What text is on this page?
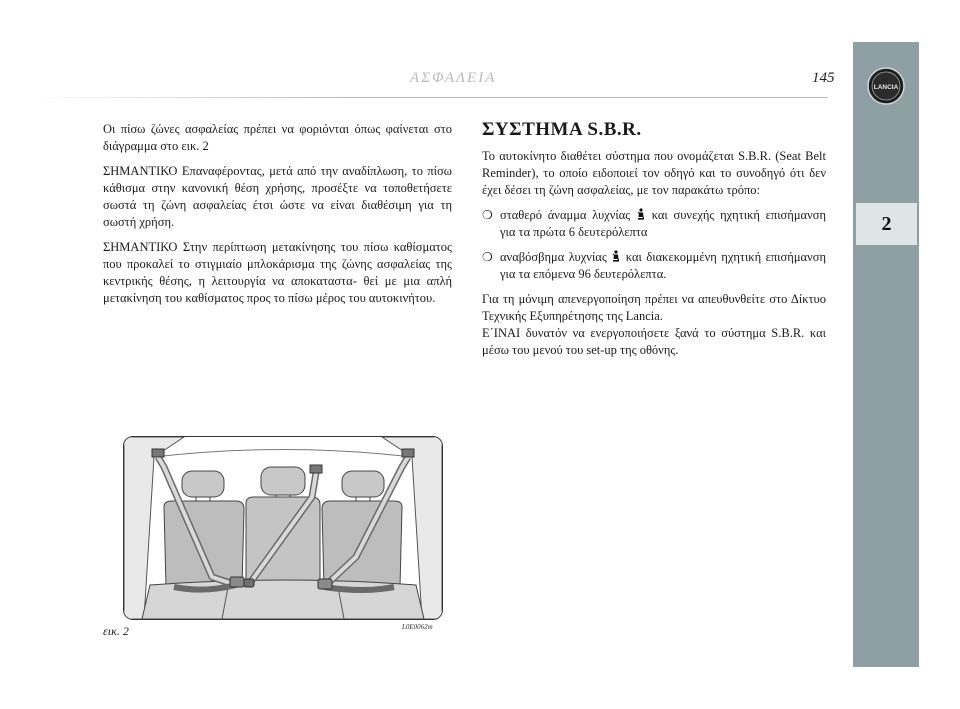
ΑΣΦΑΛΕΙΑ	145
LANCIA
2

Οι πίσω ζώνες ασφαλείας πρέπει να φοριόνται όπως φαίνεται στο διάγραμμα στο εικ. 2

ΣΗΜΑΝΤΙΚΟ Επαναφέροντας, μετά από την αναδίπλωση, το πίσω κάθισμα στην κανονική θέση χρήσης, προσέξτε να τοποθετήσετε σωστά τη ζώνη ασφαλείας έτσι ώστε να είναι διαθέσιμη για τη σωστή χρήση.

ΣΗΜΑΝΤΙΚΟ Στην περίπτωση μετακίνησης του πίσω καθίσματος που προκαλεί το στιγμιαίο μπλοκάρισμα της ζώνης ασφαλείας της κεντρικής θέσης, η λειτουργία να αποκαταστα- θεί με μια απλή μετακίνηση του καθίσματος προς το πίσω μέρος του αυτοκινήτου.

ΣΥΣΤΗΜΑ S.B.R.

Το αυτοκίνητο διαθέτει σύστημα που ονομάζεται S.B.R. (Seat Belt Reminder), το οποίο ειδοποιεί τον οδηγό και το συνοδηγό ότι δεν έχει δέσει τη ζώνη ασφαλείας, με τον παρακάτω τρόπο:

❍ σταθερό άναμμα λυχνίας και συνεχής ηχητική επισήμανση για τα πρώτα 6 δευτερόλεπτα
❍ αναβόσβημα λυχνίας και διακεκομμένη ηχητική επισήμανση για τα επόμενα 96 δευτερόλεπτα.

Για τη μόνιμη απενεργοποίηση πρέπει να απευθυνθείτε στο Δίκτυο Τεχνικής Εξυπηρέτησης της Lancia.

Ε΄ΙΝΑΙ δυνατόν να ενεργοποιήσετε ξανά το σύστημα S.B.R. και μέσω του μενού του set-up της οθόνης.

εικ. 2	L0E0062m
